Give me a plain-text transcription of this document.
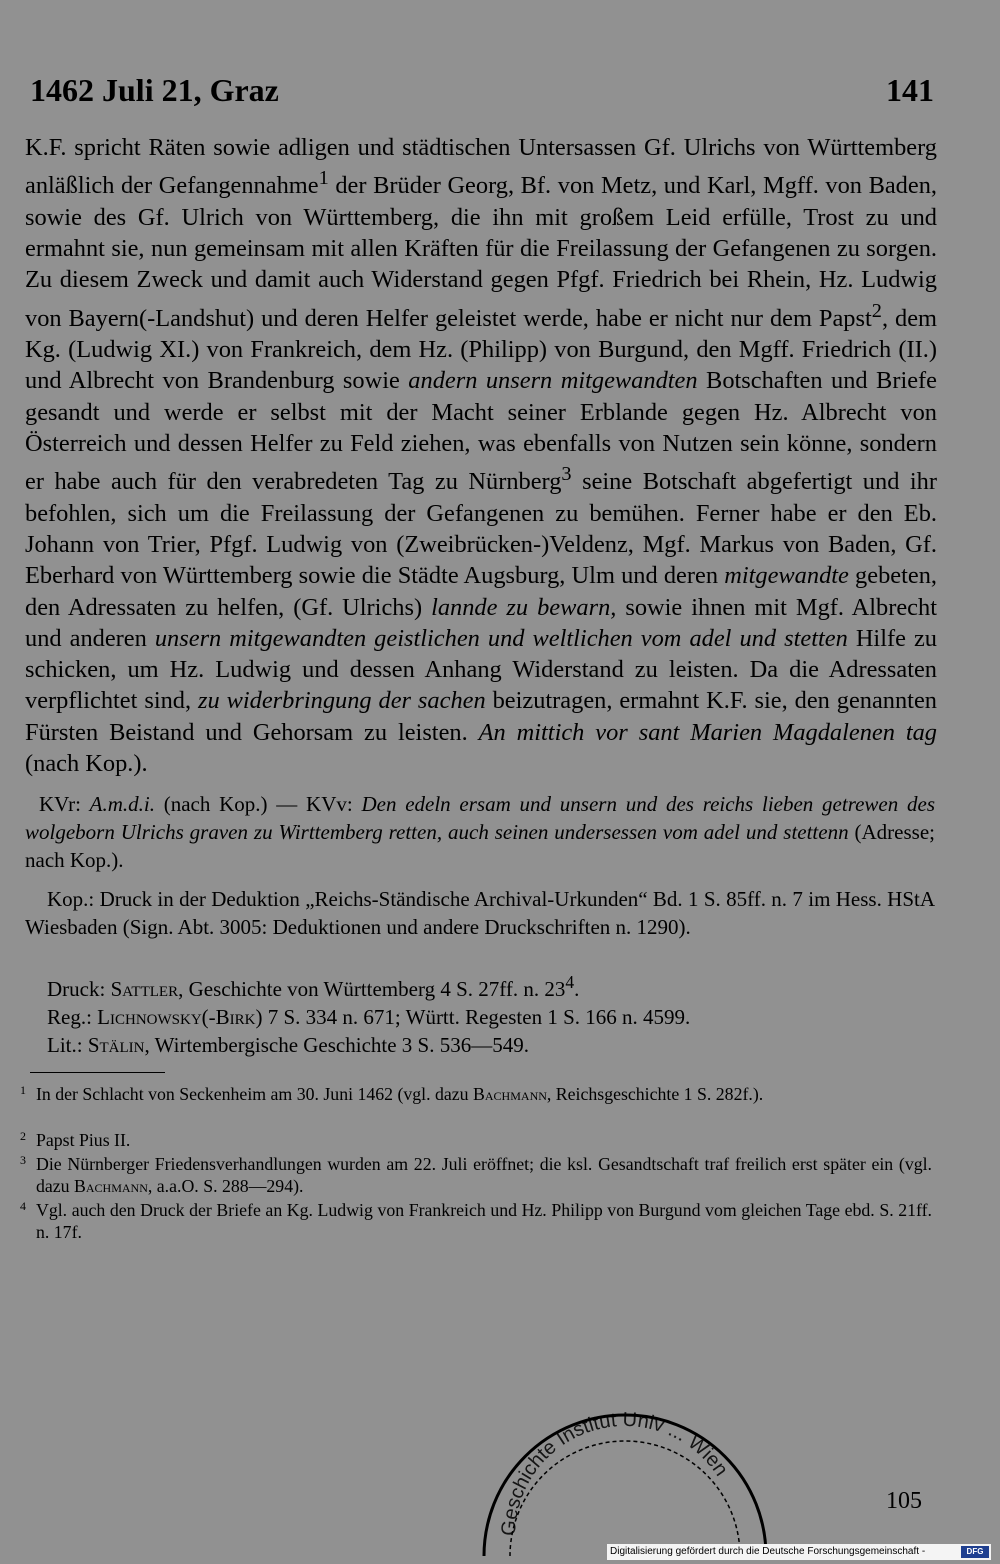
1462 Juli 21, Graz	141

K.F. spricht Räten sowie adligen und städtischen Untersassen Gf. Ulrichs von Württemberg anläßlich der Gefangennahme$^1$ der Brüder Georg, Bf. von Metz, und Karl, Mgff. von Baden, sowie des Gf. Ulrich von Württemberg, die ihn mit großem Leid erfülle, Trost zu und ermahnt sie, nun gemeinsam mit allen Kräften für die Freilassung der Gefangenen zu sorgen. Zu diesem Zweck und damit auch Widerstand gegen Pfgf. Friedrich bei Rhein, Hz. Ludwig von Bayern(-Landshut) und deren Helfer geleistet werde, habe er nicht nur dem Papst$^2$, dem Kg. (Ludwig XI.) von Frankreich, dem Hz. (Philipp) von Burgund, den Mgff. Friedrich (II.) und Albrecht von Brandenburg sowie andern unsern mitgewandten Botschaften und Briefe gesandt und werde er selbst mit der Macht seiner Erblande gegen Hz. Albrecht von Österreich und dessen Helfer zu Feld ziehen, was ebenfalls von Nutzen sein könne, sondern er habe auch für den verabredeten Tag zu Nürnberg$^3$ seine Botschaft abgefertigt und ihr befohlen, sich um die Freilassung der Gefangenen zu bemühen. Ferner habe er den Eb. Johann von Trier, Pfgf. Ludwig von (Zweibrücken-)Veldenz, Mgf. Markus von Baden, Gf. Eberhard von Württemberg sowie die Städte Augsburg, Ulm und deren mitgewandte gebeten, den Adressaten zu helfen, (Gf. Ulrichs) lannde zu bewarn, sowie ihnen mit Mgf. Albrecht und anderen unsern mitgewandten geistlichen und weltlichen vom adel und stetten Hilfe zu schicken, um Hz. Ludwig und dessen Anhang Widerstand zu leisten. Da die Adressaten verpflichtet sind, zu widerbringung der sachen beizutragen, ermahnt K.F. sie, den genannten Fürsten Beistand und Gehorsam zu leisten. An mittich vor sant Marien Magdalenen tag (nach Kop.).

KVr: A.m.d.i. (nach Kop.) — KVv: Den edeln ersam und unsern und des reichs lieben getrewen des wolgeborn Ulrichs graven zu Wirttemberg retten, auch seinen undersessen vom adel und stettenn (Adresse; nach Kop.).

Kop.: Druck in der Deduktion „Reichs-Ständische Archival-Urkunden“ Bd. 1 S. 85ff. n. 7 im Hess. HStA Wiesbaden (Sign. Abt. 3005: Deduktionen und andere Druckschriften n. 1290).

Druck: Sattler, Geschichte von Württemberg 4 S. 27ff. n. $23^4$.

Reg.: Lichnowsky(-Birk) 7 S. 334 n. 671; Württ. Regesten 1 S. 166 n. 4599.

Lit.: Stälin, Wirtembergische Geschichte 3 S. 536—549.

1 In der Schlacht von Seckenheim am 30. Juni 1462 (vgl. dazu Bachmann, Reichsgeschichte 1 S. 282f.).
2 Papst Pius II.
3 Die Nürnberger Friedensverhandlungen wurden am 22. Juli eröffnet; die ksl. Gesandtschaft traf freilich erst später ein (vgl. dazu Bachmann, a.a.O. S. 288—294).
4 Vgl. auch den Druck der Briefe an Kg. Ludwig von Frankreich und Hz. Philipp von Burgund vom gleichen Tage ebd. S. 21ff. n. 17f.
Geschichte Institut Univ ... Wien
105
Digitalisierung gefördert durch die Deutsche Forschungsgemeinschaft -	DFG
